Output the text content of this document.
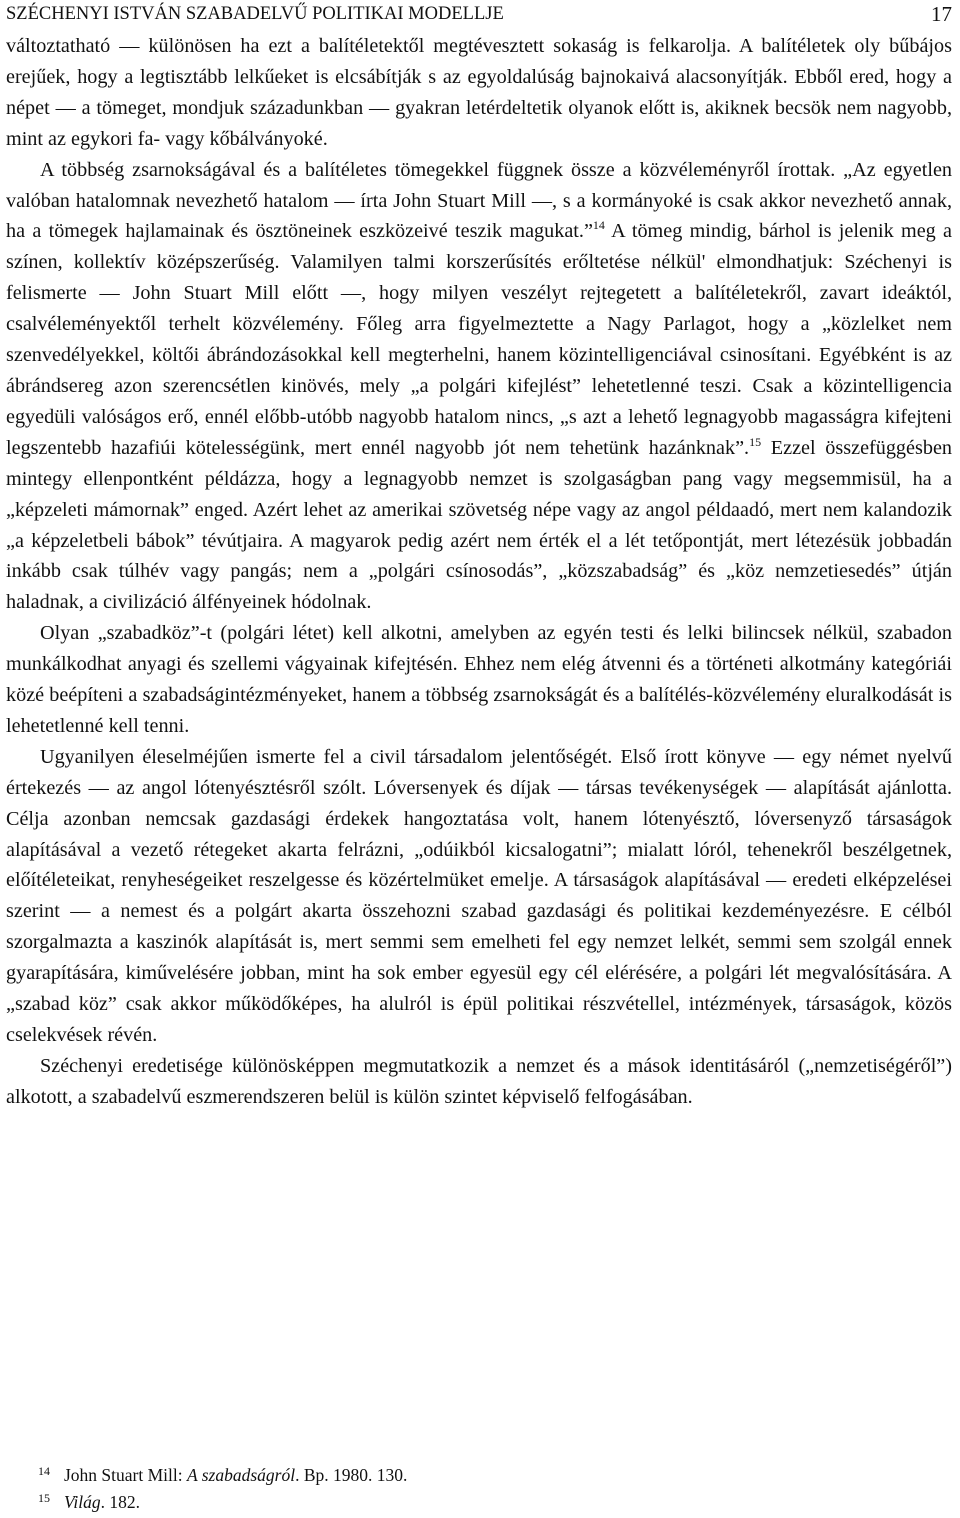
SZÉCHENYI ISTVÁN SZABADELVŰ POLITIKAI MODELLJE	17

változtatható — különösen ha ezt a balítéletektől megtévesztett sokaság is felkarolja. A balítéletek oly bűbájos erejűek, hogy a legtisztább lelkűeket is elcsábítják s az egyoldalúság bajnokaivá alacsonyítják. Ebből ered, hogy a népet — a tömeget, mondjuk századunkban — gyakran letérdeltetik olyanok előtt is, akiknek becsök nem nagyobb, mint az egykori fa- vagy kőbálványoké.

A többség zsarnokságával és a balítéletes tömegekkel függnek össze a közvéleményről írottak. „Az egyetlen valóban hatalomnak nevezhető hatalom — írta John Stuart Mill —, s a kormányoké is csak akkor nevezhető annak, ha a tömegek hajlamainak és ösztöneinek eszközeivé teszik magukat.”$^{14}$ A tömeg mindig, bárhol is jelenik meg a színen, kollektív középszerűség. Valamilyen talmi korszerűsítés erőltetése nélkül' elmondhatjuk: Széchenyi is felismerte — John Stuart Mill előtt —, hogy milyen veszélyt rejtegetett a balítéletekről, zavart ideáktól, csalvéleményektől terhelt közvélemény. Főleg arra figyelmeztette a Nagy Parlagot, hogy a „közlelket nem szenvedélyekkel, költői ábrándozásokkal kell megterhelni, hanem közintelligenciával csinosítani. Egyébként is az ábrándsereg azon szerencsétlen kinövés, mely „a polgári kifejlést” lehetetlenné teszi. Csak a közintelligencia egyedüli valóságos erő, ennél előbb-utóbb nagyobb hatalom nincs, „s azt a lehető legnagyobb magasságra kifejteni legszentebb hazafiúi kötelességünk, mert ennél nagyobb jót nem tehetünk hazánknak”.$^{15}$ Ezzel összefüggésben mintegy ellenpontként példázza, hogy a legnagyobb nemzet is szolgaságban pang vagy megsemmisül, ha a „képzeleti mámornak” enged. Azért lehet az amerikai szövetség népe vagy az angol példaadó, mert nem kalandozik „a képzeletbeli bábok” tévútjaira. A magyarok pedig azért nem érték el a lét tetőpontját, mert létezésük jobbadán inkább csak túlhév vagy pangás; nem a „polgári csínosodás”, „közszabadság” és „köz nemzetiesedés” útján haladnak, a civilizáció álfényeinek hódolnak.

Olyan „szabadköz”-t (polgári létet) kell alkotni, amelyben az egyén testi és lelki bilincsek nélkül, szabadon munkálkodhat anyagi és szellemi vágyainak kifejtésén. Ehhez nem elég átvenni és a történeti alkotmány kategóriái közé beépíteni a szabadságintézményeket, hanem a többség zsarnokságát és a balítélés-közvélemény eluralkodását is lehetetlenné kell tenni.

Ugyanilyen éleselméjűen ismerte fel a civil társadalom jelentőségét. Első írott könyve — egy német nyelvű értekezés — az angol lótenyésztésről szólt. Lóversenyek és díjak — társas tevékenységek — alapítását ajánlotta. Célja azonban nemcsak gazdasági érdekek hangoztatása volt, hanem lótenyésztő, lóversenyző társaságok alapításával a vezető rétegeket akarta felrázni, „odúikból kicsalogatni”; mialatt lóról, tehenekről beszélgetnek, előítéleteikat, renyheségeiket reszelgesse és közértelmüket emelje. A társaságok alapításával — eredeti elképzelései szerint — a nemest és a polgárt akarta összehozni szabad gazdasági és politikai kezdeményezésre. E célból szorgalmazta a kaszinók alapítását is, mert semmi sem emelheti fel egy nemzet lelkét, semmi sem szolgál ennek gyarapítására, kiművelésére jobban, mint ha sok ember egyesül egy cél elérésére, a polgári lét megvalósítására. A „szabad köz” csak akkor működőképes, ha alulról is épül politikai részvétellel, intézmények, társaságok, közös cselekvések révén.

Széchenyi eredetisége különösképpen megmutatkozik a nemzet és a mások identitásáról („nemzetiségéről”) alkotott, a szabadelvű eszmerendszeren belül is külön szintet képviselő felfogásában.

14 John Stuart Mill: A szabadságról. Bp. 1980. 130.
15 Világ. 182.
